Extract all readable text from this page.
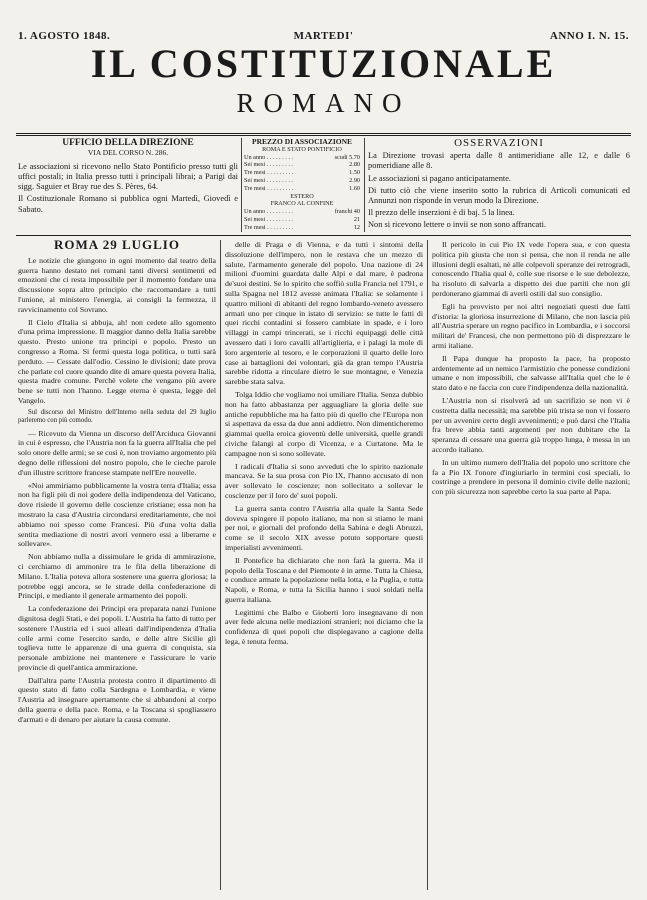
1. AGOSTO 1848.	MARTEDI'	ANNO I. N. 15.
IL COSTITUZIONALE
ROMANO
UFFICIO DELLA DIREZIONE
VIA DEL CORSO N. 286.

Le associazioni si ricevono nello Stato Pontificio presso tutti gli uffici postali; in Italia presso tutti i principali librai; a Parigi dai sigg. Saguier et Bray rue des S. Pères, 64.

Il Costituzionale Romano si pubblica ogni Martedì, Giovedì e Sabato.

PREZZO DI ASSOCIAZIONE
ROMA E STATO PONTIFICIO
Un anno . . . . . . . . .	scudi 5.70
Sei mesi . . . . . . . . .	2.80
Tre mesi . . . . . . . . .	1.50
Sei mesi . . . . . . . . .	2.90
Tre mesi . . . . . . . . .	1.60
ESTERO
FRANCO AL CONFINE
Un anno . . . . . . . . .	franchi 40
Sei mesi . . . . . . . . .	21
Tre mesi . . . . . . . . .	12
OSSERVAZIONI

La Direzione trovasi aperta dalle 8 antimeridiane alle 12, e dalle 6 pomeridiane alle 8.

Le associazioni si pagano anticipatamente.

Di tutto ciò che viene inserito sotto la rubrica di Articoli comunicati ed Annunzi non risponde in verun modo la Direzione.

Il prezzo delle inserzioni è di baj. 5 la linea.

Non si ricevono lettere o invii se non sono affrancati.

ROMA 29 LUGLIO

Le notizie che giungono in ogni momento dal teatro della guerra hanno destato nei romani tanti diversi sentimenti ed emozioni che ci resta impossibile per il momento fondare una discussione sopra altro principio che raccomandare a tutti l'unione, al ministero l'energia, ai consigli la fermezza, il ravvicinamento col Sovrano.

Il Cielo d'Italia si abbuja, ah! non cedete allo sgomento d'una prima impressione. Il maggior danno della Italia sarebbe questo. Presto unione tra principi e popolo. Presto un congresso a Roma. Si fermi questa loga politica, o tutti sarà perduto. — Cessate dall'odio. Cessino le divisioni; date prova che parlate col cuore quando dite di amare questa povera Italia, questa madre comune. Perchè volete che vengano più avere bene se tutti non l'hanno. Legge eterna è questa, legge del Vangelo.

Sul discorso del Ministro dell'Interno nella seduta del 29 luglio parleremo con più comodo.

— Ricevuto da Vienna un discorso dell'Arciduca Giovanni in cui è espresso, che l'Austria non fa la guerra all'Italia che pel solo onore delle armi; se se così è, non troviamo argomento più degno delle riflessioni del nostro popolo, che le cieche parole d'un illustre scrittore francese stampate nell'Ere nouvelle.

«Noi ammiriamo pubblicamente la vostra terra d'Italia; essa non ha figli più di noi godere della indipendenza del Vaticano, dove risiede il governo delle coscienze cristiane; essa non ha mostrato la casa d'Austria circondarsi ereditariamente, che noi abbiamo noi spesso come Francesi. Più d'una volta dalla sentita mediazione di nostri avori vennero essi a liberarne e sollevare».

Non abbiamo nulla a dissimulare le grida di ammirazione, ci cerchiamo di ammonire tra le fila della liberazione di Milano. L'Italia poteva allora sostenere una guerra gloriosa; la potrebbe oggi ancora, se le strade della confederazione di Principi, e mediante il generale armamento dei popoli.

La confederazione dei Principi era preparata nanzi l'unione dignitosa degli Stati, e dei popoli. L'Austria ha fatto di tutto per sostenere l'Austria ed i suoi alleati dall'indipendenza d'Italia colle armi come l'esercito sardo, e delle altre Sicilie gli toglieva tutte le apparenze di una guerra di conquista, sia personale ambizione nei mantenere e l'assicurare le varie provincie di quell'antica ammirazione.

Dall'altra parte l'Austria protesta contro il dipartimento di questo stato di fatto colla Sardegna e Lombardia, e viene l'Austria ad insegnare apertamente che si abbandoni al corpo della guerra e della pace. Roma, e la Toscana si spogliassero d'armati e di denaro per aiutare la causa comune.

delle di Praga e di Vienna, e da tutti i sintomi della dissoluzione dell'impero, non le restava che un mezzo di salute, l'armamento generale del popolo. Una nazione di 24 milioni d'uomini guardata dalle Alpi e dal mare, è padrona de'suoi destini. Se lo spirito che soffiò sulla Francia nel 1791, e sulla Spagna nel 1812 avesse animata l'Italia: se solamente i quattro milioni di abitanti del regno lombardo-veneto avessero armati uno per cinque in istato di servizio: se tutte le fatti di quei ricchi contadini si fossero cambiate in spade, e i loro villaggi in campi trincerati, se i ricchi equipaggi delle città avessero dati i loro cavalli all'artiglieria, e i palagi la mole di loro argenterie al tesoro, e le corporazioni il quarto delle loro case ai battaglioni dei volontari, già da gran tempo l'Austria sarebbe ridotta a rinculare dietro le sue montagne, e Venezia sarebbe stata salva.

Tolga Iddio che vogliamo noi umiliare l'Italia. Senza dubbio non ha fatto abbastanza per agguagliare la gloria delle sue antiche repubbliche ma ha fatto più di quello che l'Europa non si aspettava da essa da due anni addietro. Non dimenticheremo giammai quella eroica gioventù delle università, quelle grandi civiche falangi al corpo di Vicenza, e a Curtatone. Ma le campagne non si sono sollevate.

I radicali d'Italia si sono avveduti che lo spirito nazionale mancava. Se la sua prosa con Pio IX, l'hanno accusato di non aver sollevato le coscienze; non sollecitato a sollevar le coscienze per il loro de' suoi popoli.

La guerra santa contro l'Austria alla quale la Santa Sede doveva spingere il popolo italiano, ma non si stiamo le mani per noi, e giornali del profondo della Sabina e degli Abruzzi, come se il secolo XIX avesse potuto sopportare questi imperialisti avvenimenti.

Il Pontefice ha dichiarato che non farà la guerra. Ma il popolo della Toscana e del Piemonte è in arme. Tutta la Chiesa, e conduce armate la popolazione nella lotta, e la Puglia, e tutta Napoli, e Roma, e tutta la Sicilia hanno i suoi soldati nella guerra italiana.

Legittimi che Balbo e Gioberti loro insegnavano di non aver fede alcuna nelle mediazioni stranieri; noi diciamo che la confidenza di quei popoli che dispiegavano a cagione della lega, è tenuta ferma.

Il pericolo in cui Pio IX vede l'opera sua, e con questa politica più giusta che non si pensa, che non il renda ne alle illusioni degli esaltati, nè alle colpevoli speranze dei retrogradi, conoscendo l'Italia qual è, colle sue risorse e le sue debolezze, ha risoluto di salvarla a dispetto dei due partiti che non gli perdonerano giammai di averli ostili dal suo consiglio.

Egli ha provvisto per noi altri negoziati questi due fatti d'istoria: la gloriosa insurrezione di Milano, che non lascia più all'Austria sperare un regno pacifico in Lombardia, e i soccorsi militari de' Francesi, che non permettono più di disprezzare le armi italiane.

Il Papa dunque ha proposto la pace, ha proposto ardentemente ad un nemico l'armistizio che ponesse condizioni umane e non impossibili, che salvasse all'Italia quel che le è stato dato e ne faccia con cure l'indipendenza della nazionalità.

L'Austria non si risolverà ad un sacrifizio se non vi è costretta dalla necessità; ma sarebbe più trista se non vi fossero per un avvenire certo degli avvenimenti; e può darsi che l'Italia fra breve abbia tanti argomenti per non dubitare che la speranza di cessare una guerra già troppo lunga, è messa in un accordo italiano.

In un ultimo numero dell'Italia del popolo uno scrittore che fa a Pio IX l'onore d'ingiuriarlo in termini così speciali, lo costringe a prendere in persona il dominio civile delle nazioni; con più sicurezza non saprebbe certo la sua parte al Papa.
